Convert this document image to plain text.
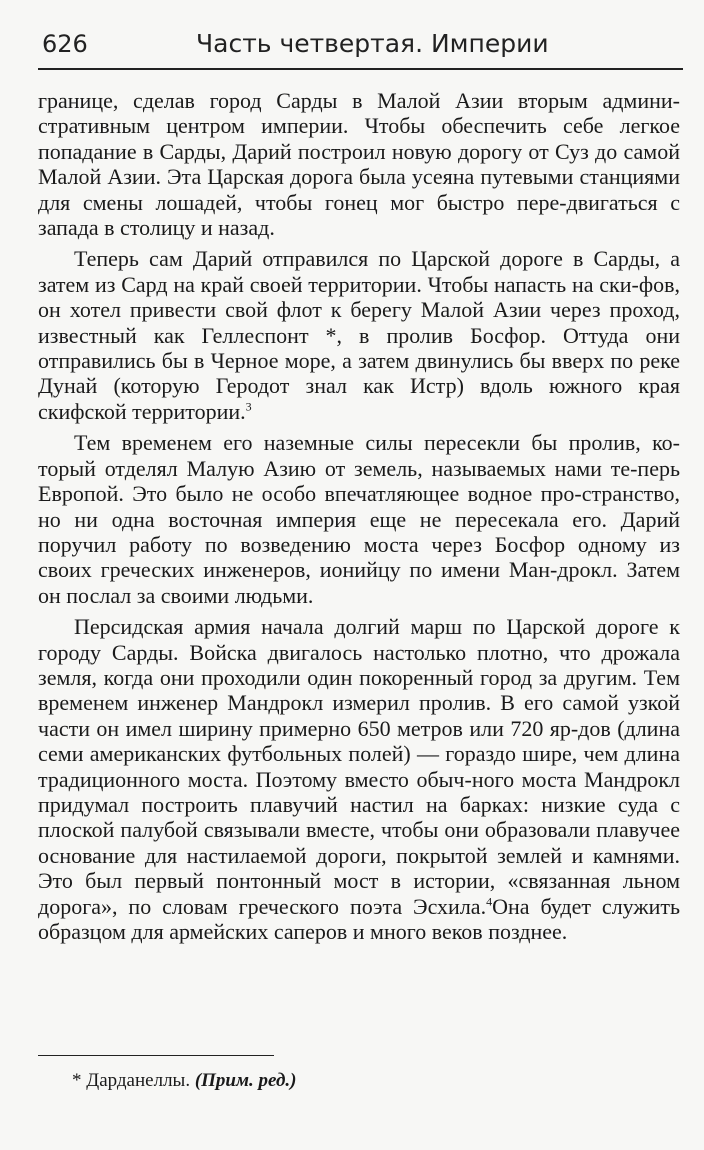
626	Часть четвертая. Империи

границе, сделав город Сарды в Малой Азии вторым админи-стративным центром империи. Чтобы обеспечить себе легкое попадание в Сарды, Дарий построил новую дорогу от Суз до самой Малой Азии. Эта Царская дорога была усеяна путевыми станциями для смены лошадей, чтобы гонец мог быстро пере-двигаться с запада в столицу и назад.

Теперь сам Дарий отправился по Царской дороге в Сарды, а затем из Сард на край своей территории. Чтобы напасть на ски-фов, он хотел привести свой флот к берегу Малой Азии через проход, известный как Геллеспонт *, в пролив Босфор. Оттуда они отправились бы в Черное море, а затем двинулись бы вверх по реке Дунай (которую Геродот знал как Истр) вдоль южного края скифской территории.$^3$

Тем временем его наземные силы пересекли бы пролив, ко-торый отделял Малую Азию от земель, называемых нами те-перь Европой. Это было не особо впечатляющее водное про-странство, но ни одна восточная империя еще не пересекала его. Дарий поручил работу по возведению моста через Босфор одному из своих греческих инженеров, ионийцу по имени Ман-дрокл. Затем он послал за своими людьми.

Персидская армия начала долгий марш по Царской дороге к городу Сарды. Войска двигалось настолько плотно, что дрожала земля, когда они проходили один покоренный город за другим. Тем временем инженер Мандрокл измерил пролив. В его самой узкой части он имел ширину примерно 650 метров или 720 яр-дов (длина семи американских футбольных полей) — гораздо шире, чем длина традиционного моста. Поэтому вместо обыч-ного моста Мандрокл придумал построить плавучий настил на барках: низкие суда с плоской палубой связывали вместе, чтобы они образовали плавучее основание для настилаемой дороги, покрытой землей и камнями. Это был первый понтонный мост в истории, «связанная льном дорога», по словам греческого поэта Эсхила.$^4$Она будет служить образцом для армейских саперов и много веков позднее.

* Дарданеллы. (Прим. ред.)
